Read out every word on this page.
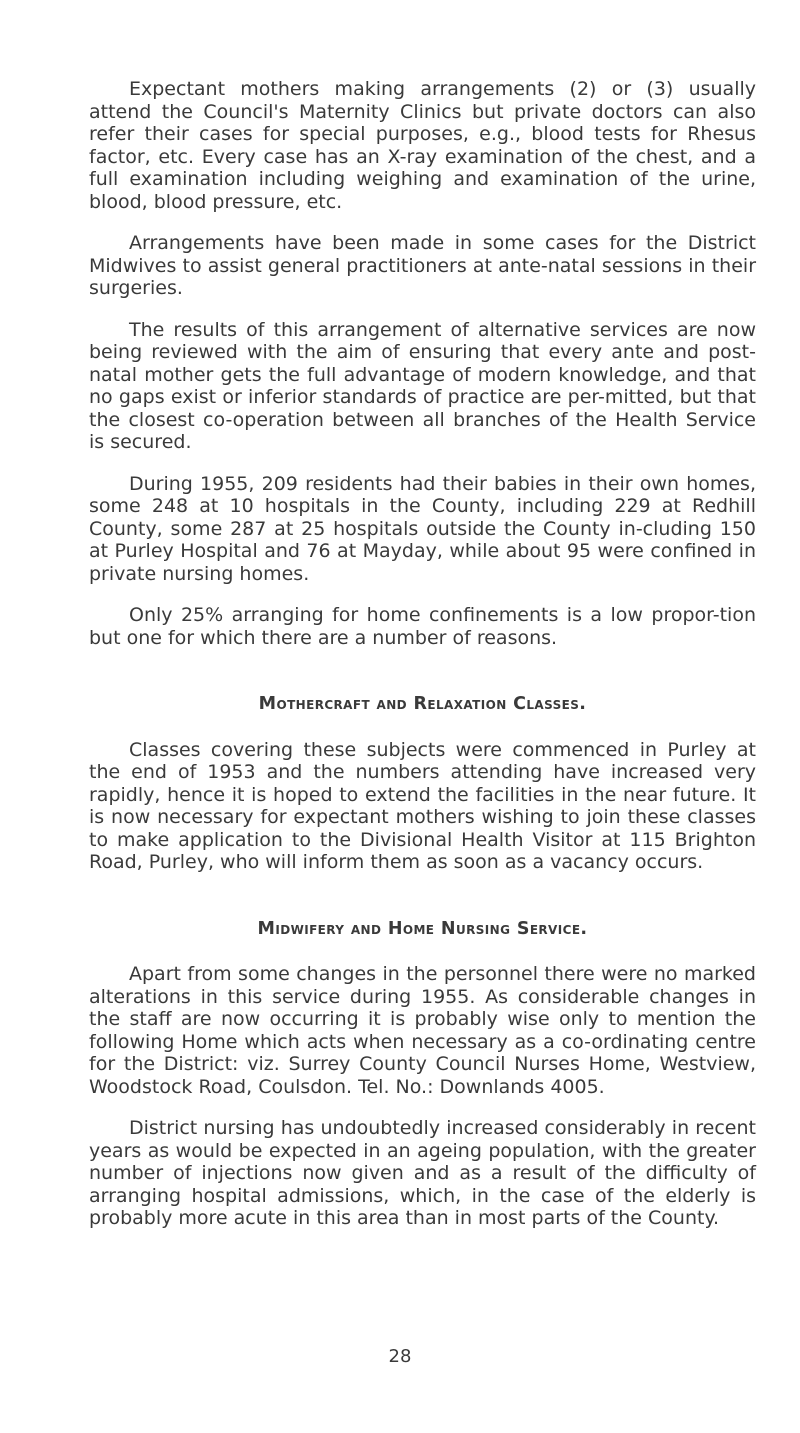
Expectant mothers making arrangements (2) or (3) usually attend the Council's Maternity Clinics but private doctors can also refer their cases for special purposes, e.g., blood tests for Rhesus factor, etc. Every case has an X-ray examination of the chest, and a full examination including weighing and examination of the urine, blood, blood pressure, etc.

Arrangements have been made in some cases for the District Midwives to assist general practitioners at ante-natal sessions in their surgeries.

The results of this arrangement of alternative services are now being reviewed with the aim of ensuring that every ante and post-natal mother gets the full advantage of modern knowledge, and that no gaps exist or inferior standards of practice are per-mitted, but that the closest co-operation between all branches of the Health Service is secured.

During 1955, 209 residents had their babies in their own homes, some 248 at 10 hospitals in the County, including 229 at Redhill County, some 287 at 25 hospitals outside the County in-cluding 150 at Purley Hospital and 76 at Mayday, while about 95 were confined in private nursing homes.

Only 25% arranging for home confinements is a low propor-tion but one for which there are a number of reasons.

Mothercraft and Relaxation Classes.

Classes covering these subjects were commenced in Purley at the end of 1953 and the numbers attending have increased very rapidly, hence it is hoped to extend the facilities in the near future. It is now necessary for expectant mothers wishing to join these classes to make application to the Divisional Health Visitor at 115 Brighton Road, Purley, who will inform them as soon as a vacancy occurs.

Midwifery and Home Nursing Service.

Apart from some changes in the personnel there were no marked alterations in this service during 1955. As considerable changes in the staff are now occurring it is probably wise only to mention the following Home which acts when necessary as a co-ordinating centre for the District: viz. Surrey County Council Nurses Home, Westview, Woodstock Road, Coulsdon. Tel. No.: Downlands 4005.

District nursing has undoubtedly increased considerably in recent years as would be expected in an ageing population, with the greater number of injections now given and as a result of the difficulty of arranging hospital admissions, which, in the case of the elderly is probably more acute in this area than in most parts of the County.

28
